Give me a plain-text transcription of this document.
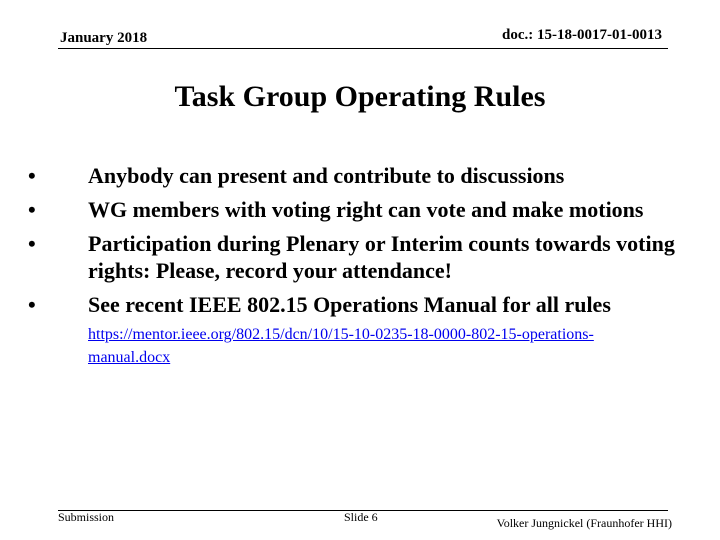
January 2018	doc.: 15-18-0017-01-0013
Task Group Operating Rules
•	Anybody can present and contribute to discussions
•	WG members with voting right can vote and make motions
•	Participation during Plenary or Interim counts towards voting rights: Please, record your attendance!
•	See recent IEEE 802.15 Operations Manual for all rules
https://mentor.ieee.org/802.15/dcn/10/15-10-0235-18-0000-802-15-operations-manual.docx
Submission	Slide 6	Volker Jungnickel (Fraunhofer HHI)
